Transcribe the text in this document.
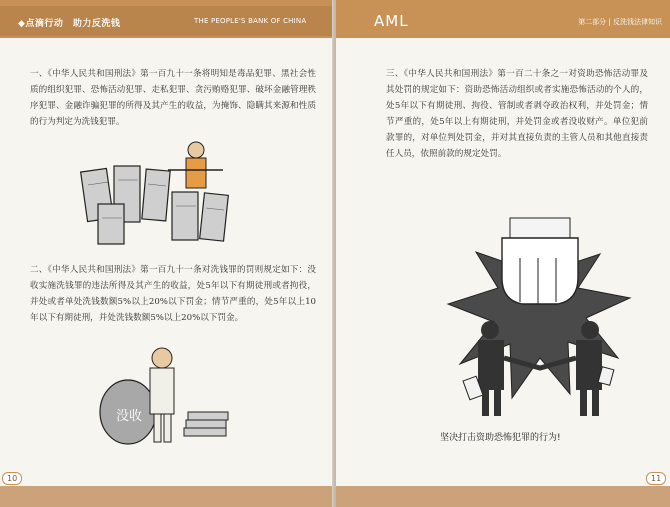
◆点滴行动　助力反洗钱	THE PEOPLE'S BANK OF CHINA
一、《中华人民共和国刑法》第一百九十一条将明知是毒品犯罪、黑社会性质的组织犯罪、恐怖活动犯罪、走私犯罪、贪污贿赂犯罪、破坏金融管理秩序犯罪、金融诈骗犯罪的所得及其产生的收益，为掩饰、隐瞒其来源和性质的行为判定为洗钱犯罪。
二、《中华人民共和国刑法》第一百九十一条对洗钱罪的罚则规定如下：没收实施洗钱罪的违法所得及其产生的收益，处5年以下有期徒刑或者拘役，并处或者单处洗钱数额5%以上20%以下罚金；情节严重的，处5年以上10年以下有期徒刑，并处洗钱数额5%以上20%以下罚金。
没收
10
AML	第二部分 | 反洗钱法律知识
三、《中华人民共和国刑法》第一百二十条之一对资助恐怖活动罪及其处罚的规定如下：资助恐怖活动组织或者实施恐怖活动的个人的，处5年以下有期徒刑、拘役、管制或者剥夺政治权利，并处罚金；情节严重的，处5年以上有期徒刑，并处罚金或者没收财产。单位犯前款罪的，对单位判处罚金，并对其直接负责的主管人员和其他直接责任人员，依照前款的规定处罚。
坚决打击资助恐怖犯罪的行为!
11
